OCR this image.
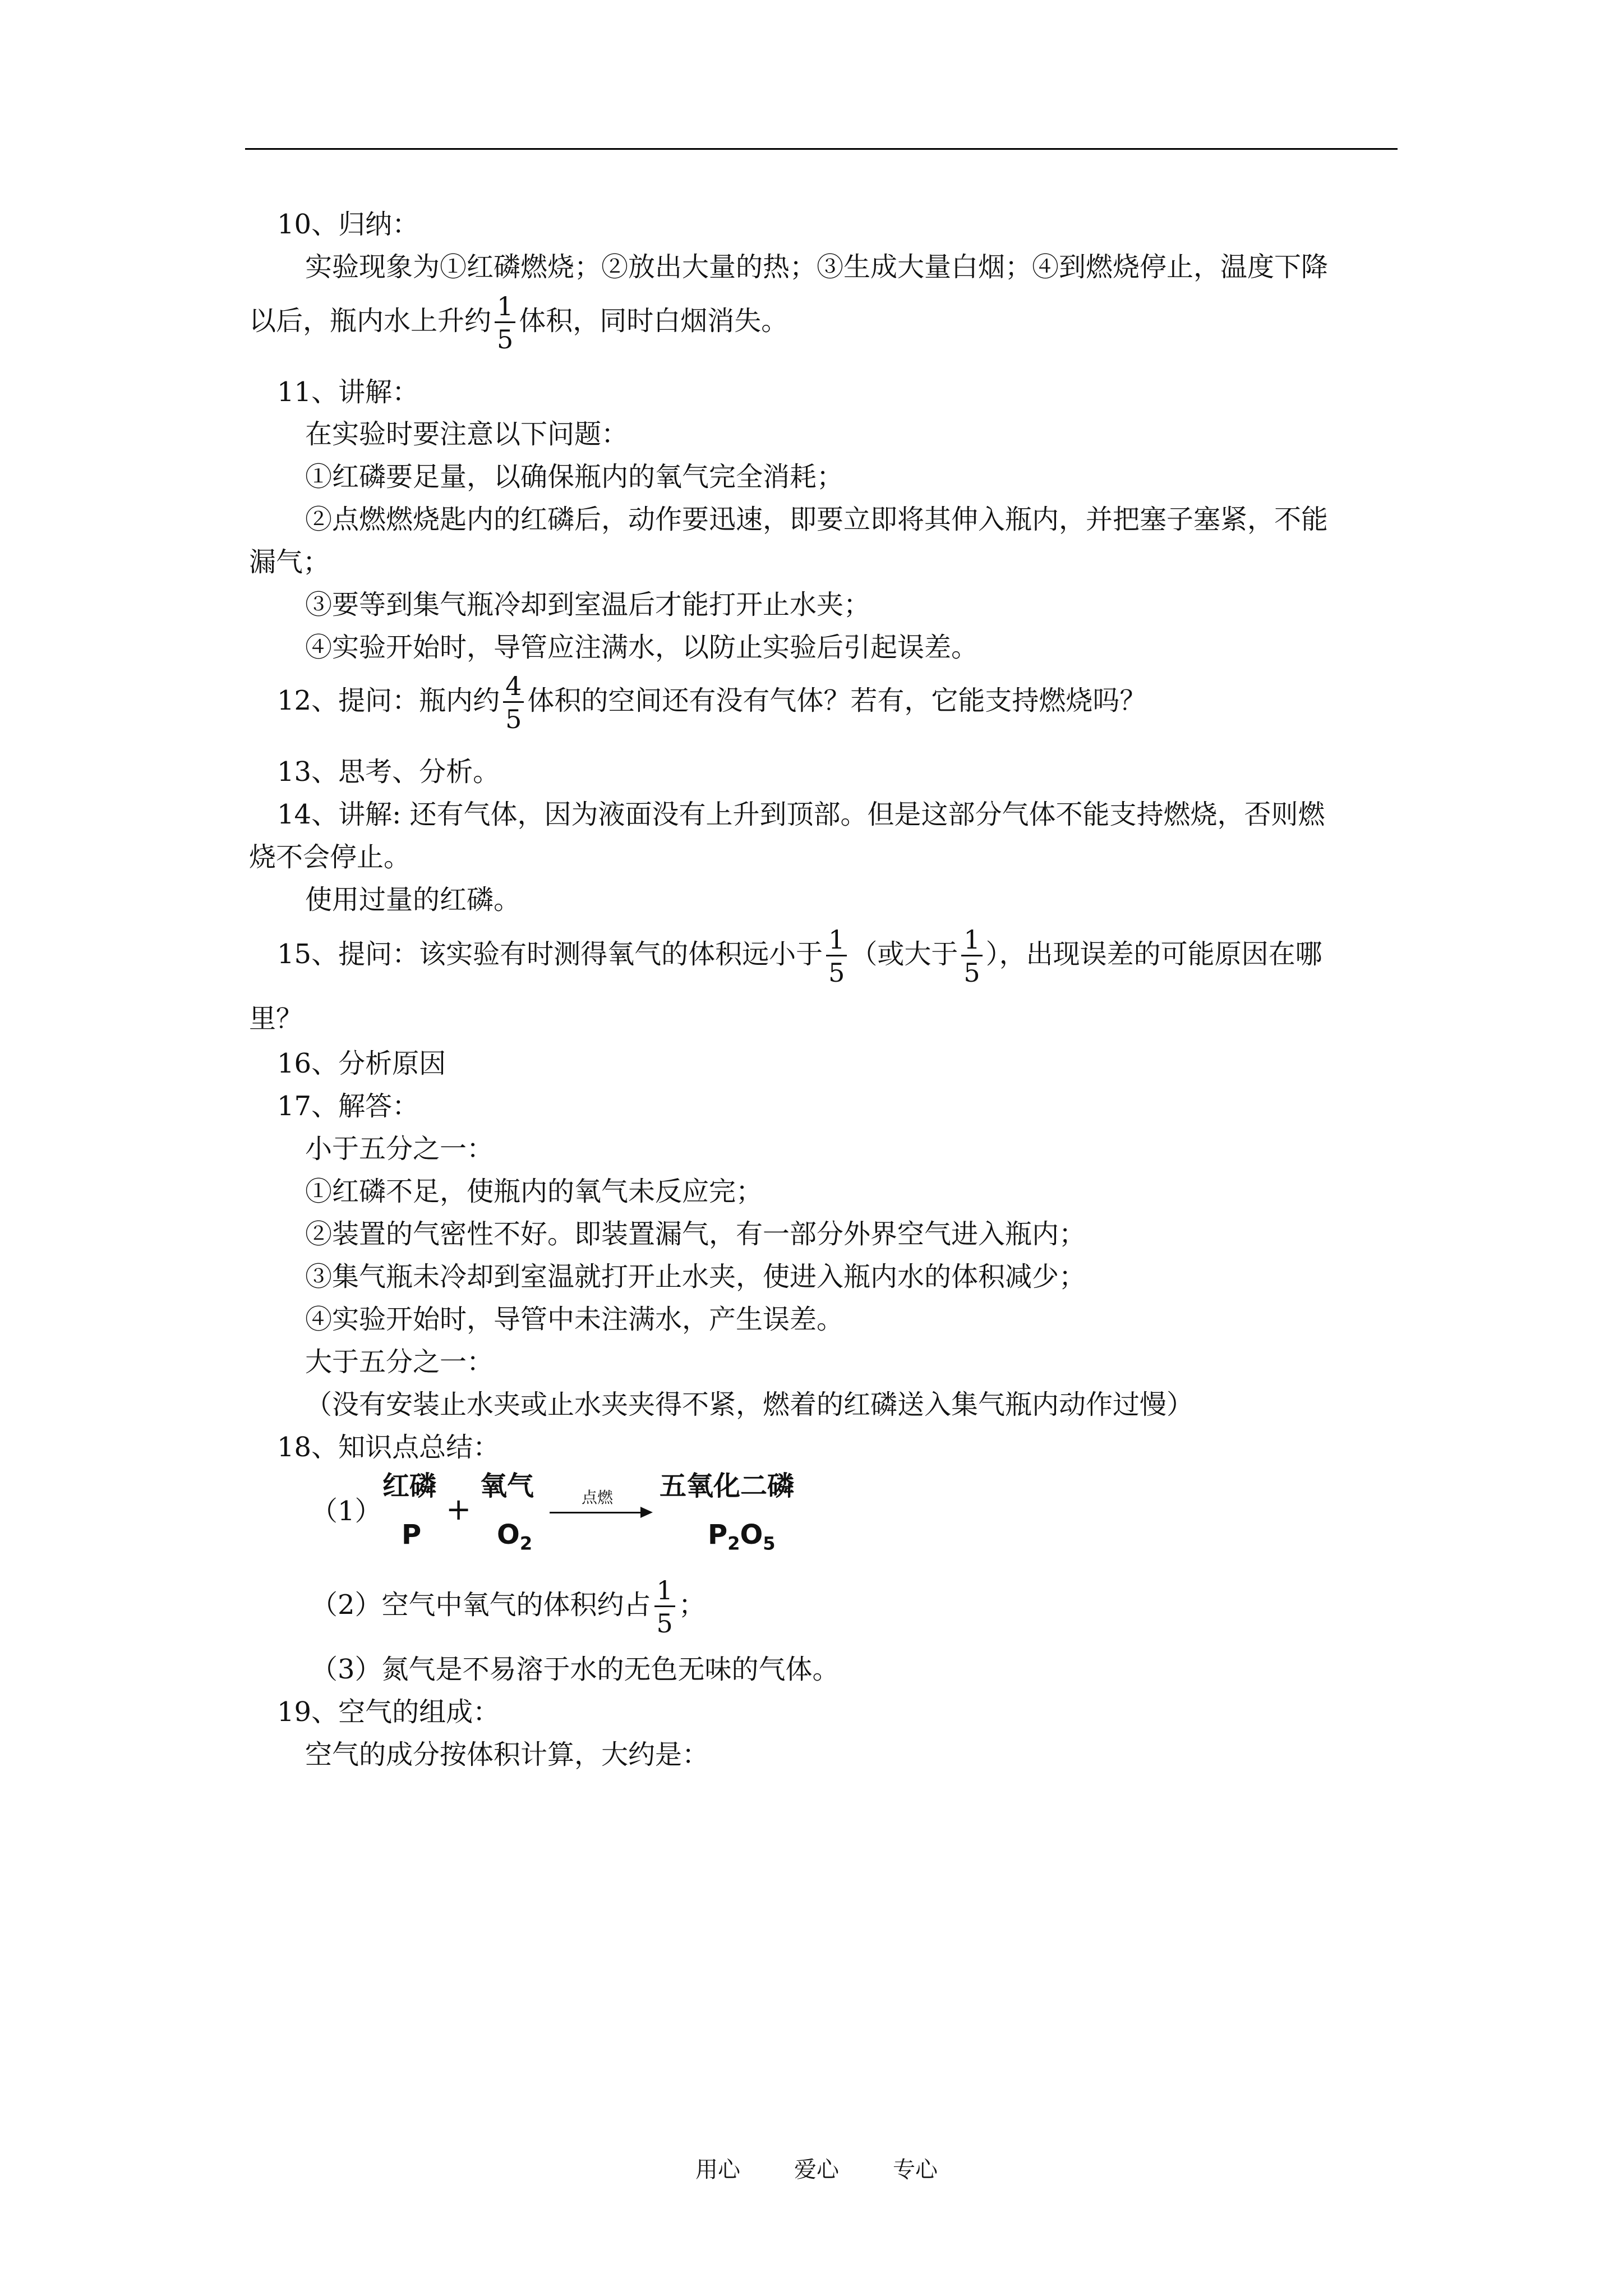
10、归纳：
实验现象为①红磷燃烧；②放出大量的热；③生成大量白烟；④到燃烧停止，温度下降
以后，瓶内水上升约 $\frac{1}{5}$ 体积，同时白烟消失。
11、讲解：
在实验时要注意以下问题：
①红磷要足量，以确保瓶内的氧气完全消耗；
②点燃燃烧匙内的红磷后，动作要迅速，即要立即将其伸入瓶内，并把塞子塞紧，不能
漏气；
③要等到集气瓶冷却到室温后才能打开止水夹；
④实验开始时，导管应注满水，以防止实验后引起误差。
12、提问：瓶内约 $\frac{4}{5}$ 体积的空间还有没有气体？若有，它能支持燃烧吗？
13、思考、分析。
14、讲解: 还有气体，因为液面没有上升到顶部。但是这部分气体不能支持燃烧，否则燃
烧不会停止。
使用过量的红磷。
15、提问：该实验有时测得氧气的体积远小于 $\frac{1}{5}$ （或大于 $\frac{1}{5}$ ），出现误差的可能原因在哪
里？
16、分析原因
17、解答：
小于五分之一：
①红磷不足，使瓶内的氧气未反应完；
②装置的气密性不好。即装置漏气，有一部分外界空气进入瓶内；
③集气瓶未冷却到室温就打开止水夹，使进入瓶内水的体积减少；
④实验开始时，导管中未注满水，产生误差。
大于五分之一：
（没有安装止水夹或止水夹夹得不紧，燃着的红磷送入集气瓶内动作过慢）
18、知识点总结：
（1）
红磷
P
+
氧气
$O_2$
点燃 五氧化二磷
$P_2O_5$
（2）空气中氧气的体积约占 $\frac{1}{5}$ ；
（3）氮气是不易溶于水的无色无味的气体。
19、空气的组成：
空气的成分按体积计算，大约是：
用心 爱心 专心
